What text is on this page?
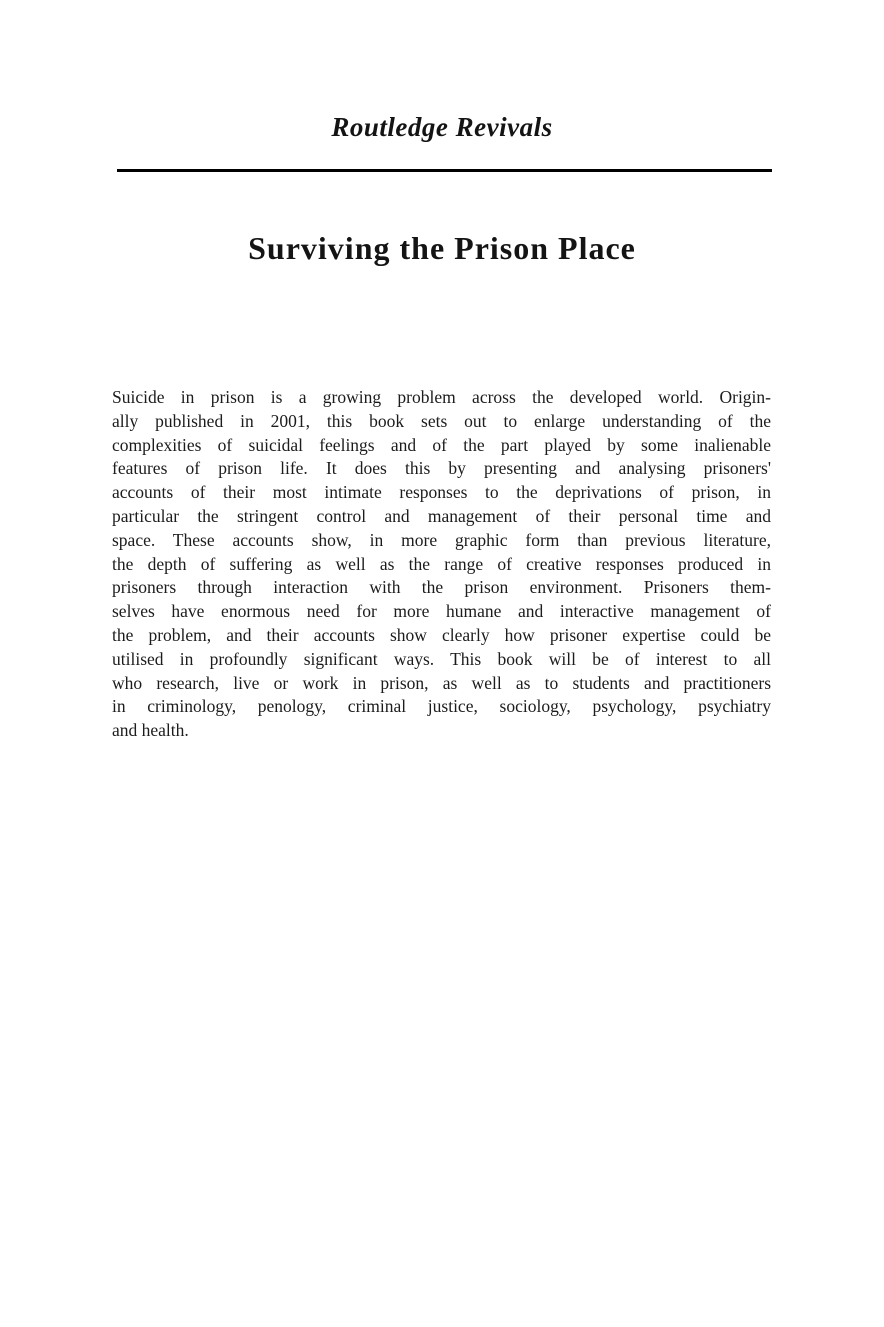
Routledge Revivals
Surviving the Prison Place
Suicide in prison is a growing problem across the developed world. Origin-
ally published in 2001, this book sets out to enlarge understanding of the
complexities of suicidal feelings and of the part played by some inalienable
features of prison life. It does this by presenting and analysing prisoners'
accounts of their most intimate responses to the deprivations of prison, in
particular the stringent control and management of their personal time and
space. These accounts show, in more graphic form than previous literature,
the depth of suffering as well as the range of creative responses produced in
prisoners through interaction with the prison environment. Prisoners them-
selves have enormous need for more humane and interactive management of
the problem, and their accounts show clearly how prisoner expertise could be
utilised in profoundly significant ways. This book will be of interest to all
who research, live or work in prison, as well as to students and practitioners
in criminology, penology, criminal justice, sociology, psychology, psychiatry
and health.
